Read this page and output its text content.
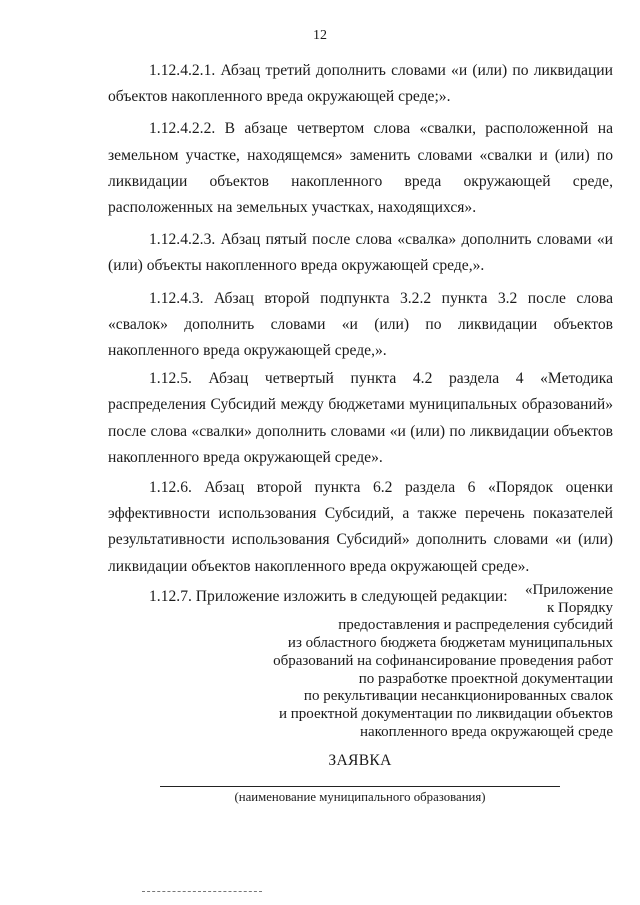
12

1.12.4.2.1. Абзац третий дополнить словами «и (или) по ликвидации объектов накопленного вреда окружающей среде;».

1.12.4.2.2. В абзаце четвертом слова «свалки, расположенной на земельном участке, находящемся» заменить словами «свалки и (или) по ликвидации объектов накопленного вреда окружающей среде, расположенных на земельных участках, находящихся».

1.12.4.2.3. Абзац пятый после слова «свалка» дополнить словами «и (или) объекты накопленного вреда окружающей среде,».

1.12.4.3. Абзац второй подпункта 3.2.2 пункта 3.2 после слова «свалок» дополнить словами «и (или) по ликвидации объектов накопленного вреда окружающей среде,».

1.12.5. Абзац четвертый пункта 4.2 раздела 4 «Методика распределения Субсидий между бюджетами муниципальных образований» после слова «свалки» дополнить словами «и (или) по ликвидации объектов накопленного вреда окружающей среде».

1.12.6. Абзац второй пункта 6.2 раздела 6 «Порядок оценки эффективности использования Субсидий, а также перечень показателей результативности использования Субсидий» дополнить словами «и (или) ликвидации объектов накопленного вреда окружающей среде».

1.12.7. Приложение изложить в следующей редакции:	«Приложение
к Порядку
предоставления и распределения субсидий
из областного бюджета бюджетам муниципальных
образований на софинансирование проведения работ
по разработке проектной документации
по рекультивации несанкционированных свалок
и проектной документации по ликвидации объектов
накопленного вреда окружающей среде
ЗАЯВКА
(наименование муниципального образования)
